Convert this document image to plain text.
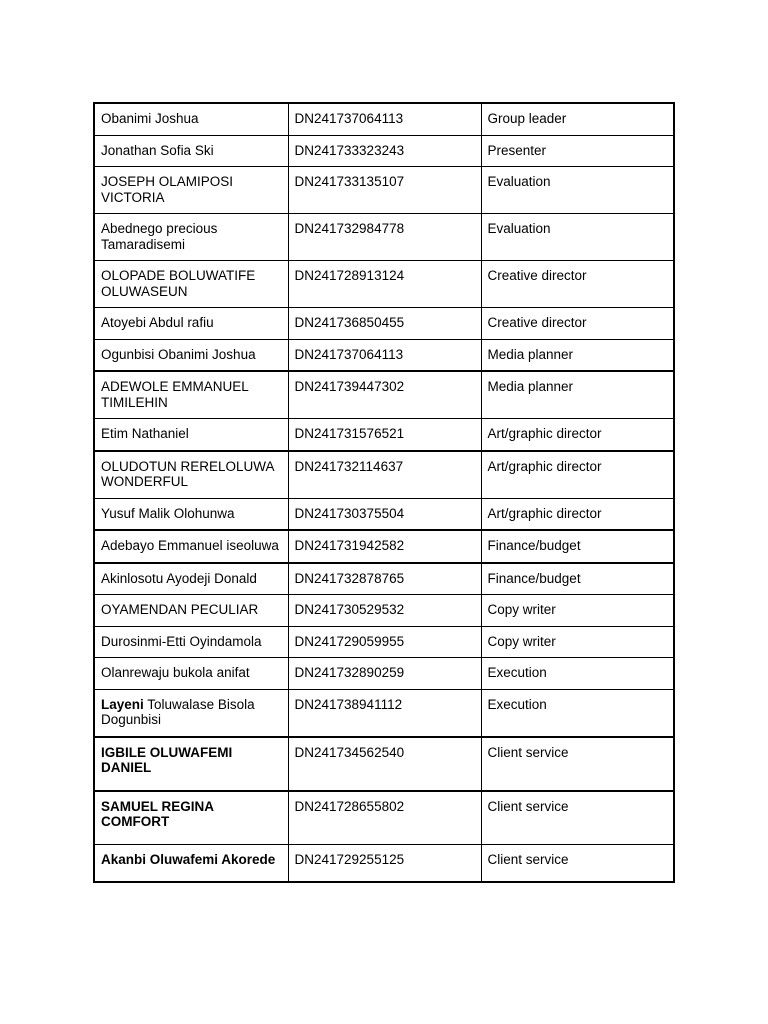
Obanimi Joshua	DN241737064113	Group leader
Jonathan Sofia Ski	DN241733323243	Presenter
JOSEPH OLAMIPOSI VICTORIA	DN241733135107	Evaluation
Abednego precious Tamaradisemi	DN241732984778	Evaluation
OLOPADE BOLUWATIFE OLUWASEUN	DN241728913124	Creative director
Atoyebi Abdul rafiu	DN241736850455	Creative director
Ogunbisi Obanimi Joshua	DN241737064113	Media planner
ADEWOLE EMMANUEL TIMILEHIN	DN241739447302	Media planner
Etim Nathaniel	DN241731576521	Art/graphic director
OLUDOTUN RERELOLUWA WONDERFUL	DN241732114637	Art/graphic director
Yusuf Malik Olohunwa	DN241730375504	Art/graphic director
Adebayo Emmanuel iseoluwa	DN241731942582	Finance/budget
Akinlosotu Ayodeji Donald	DN241732878765	Finance/budget
OYAMENDAN PECULIAR	DN241730529532	Copy writer
Durosinmi-Etti Oyindamola	DN241729059955	Copy writer
Olanrewaju bukola anifat	DN241732890259	Execution
Layeni Toluwalase Bisola Dogunbisi	DN241738941112	Execution
IGBILE OLUWAFEMI DANIEL	DN241734562540	Client service
SAMUEL REGINA COMFORT	DN241728655802	Client service
Akanbi Oluwafemi Akorede	DN241729255125	Client service
